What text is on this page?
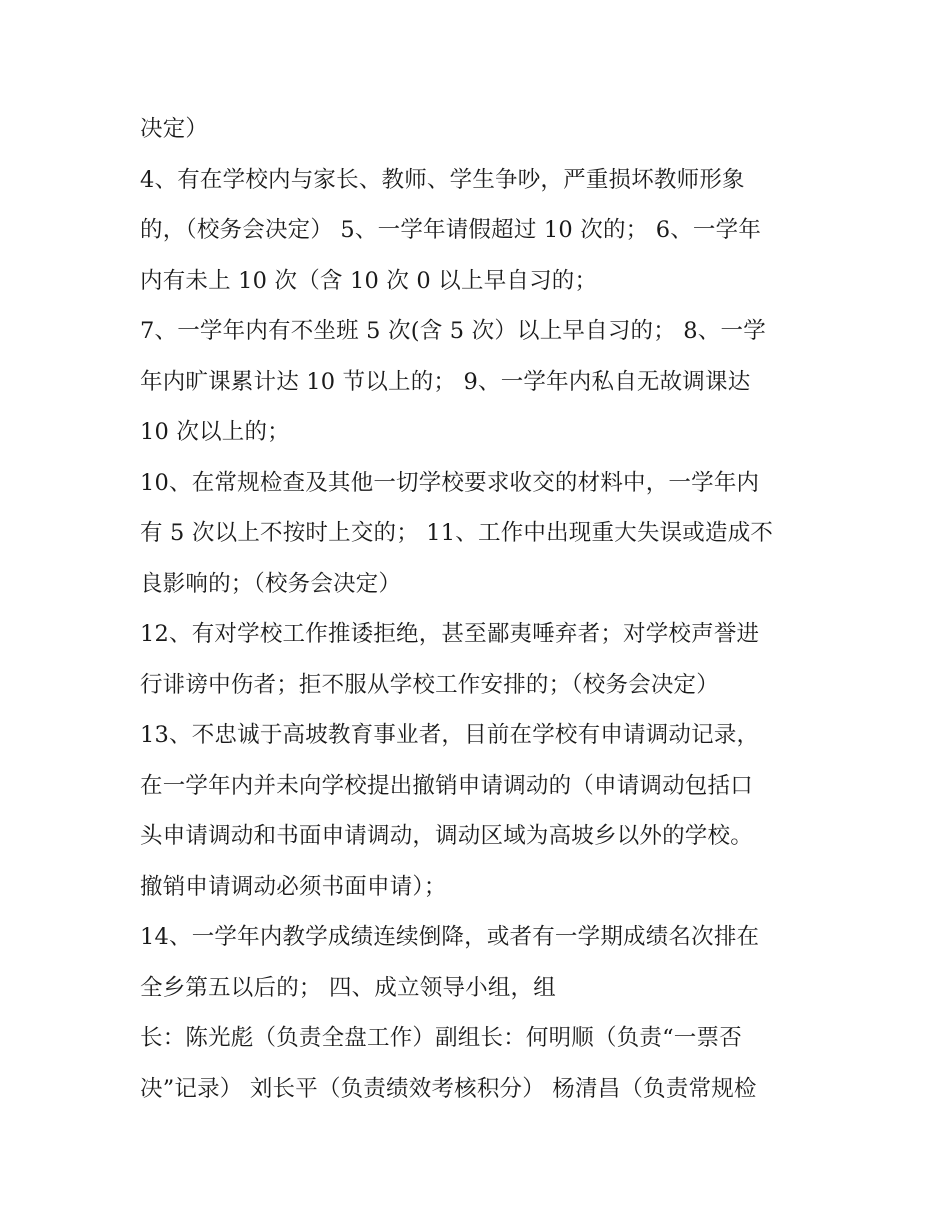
决定）
4、有在学校内与家长、教师、学生争吵，严重损坏教师形象
的，（校务会决定） 5、一学年请假超过 10 次的； 6、一学年
内有未上 10 次（含 10 次 0 以上早自习的；
7、一学年内有不坐班 5 次(含 5 次）以上早自习的； 8、一学
年内旷课累计达 10 节以上的； 9、一学年内私自无故调课达
10 次以上的；
10、在常规检查及其他一切学校要求收交的材料中，一学年内
有 5 次以上不按时上交的； 11、工作中出现重大失误或造成不
良影响的；（校务会决定）
12、有对学校工作推诿拒绝，甚至鄙夷唾弃者；对学校声誉进
行诽谤中伤者；拒不服从学校工作安排的；（校务会决定）
13、不忠诚于高坡教育事业者，目前在学校有申请调动记录，
在一学年内并未向学校提出撤销申请调动的（申请调动包括口
头申请调动和书面申请调动，调动区域为高坡乡以外的学校。
撤销申请调动必须书面申请）；
14、一学年内教学成绩连续倒降，或者有一学期成绩名次排在
全乡第五以后的； 四、成立领导小组，组
长：陈光彪（负责全盘工作）副组长：何明顺（负责“一票否
决”记录） 刘长平（负责绩效考核积分） 杨清昌（负责常规检
